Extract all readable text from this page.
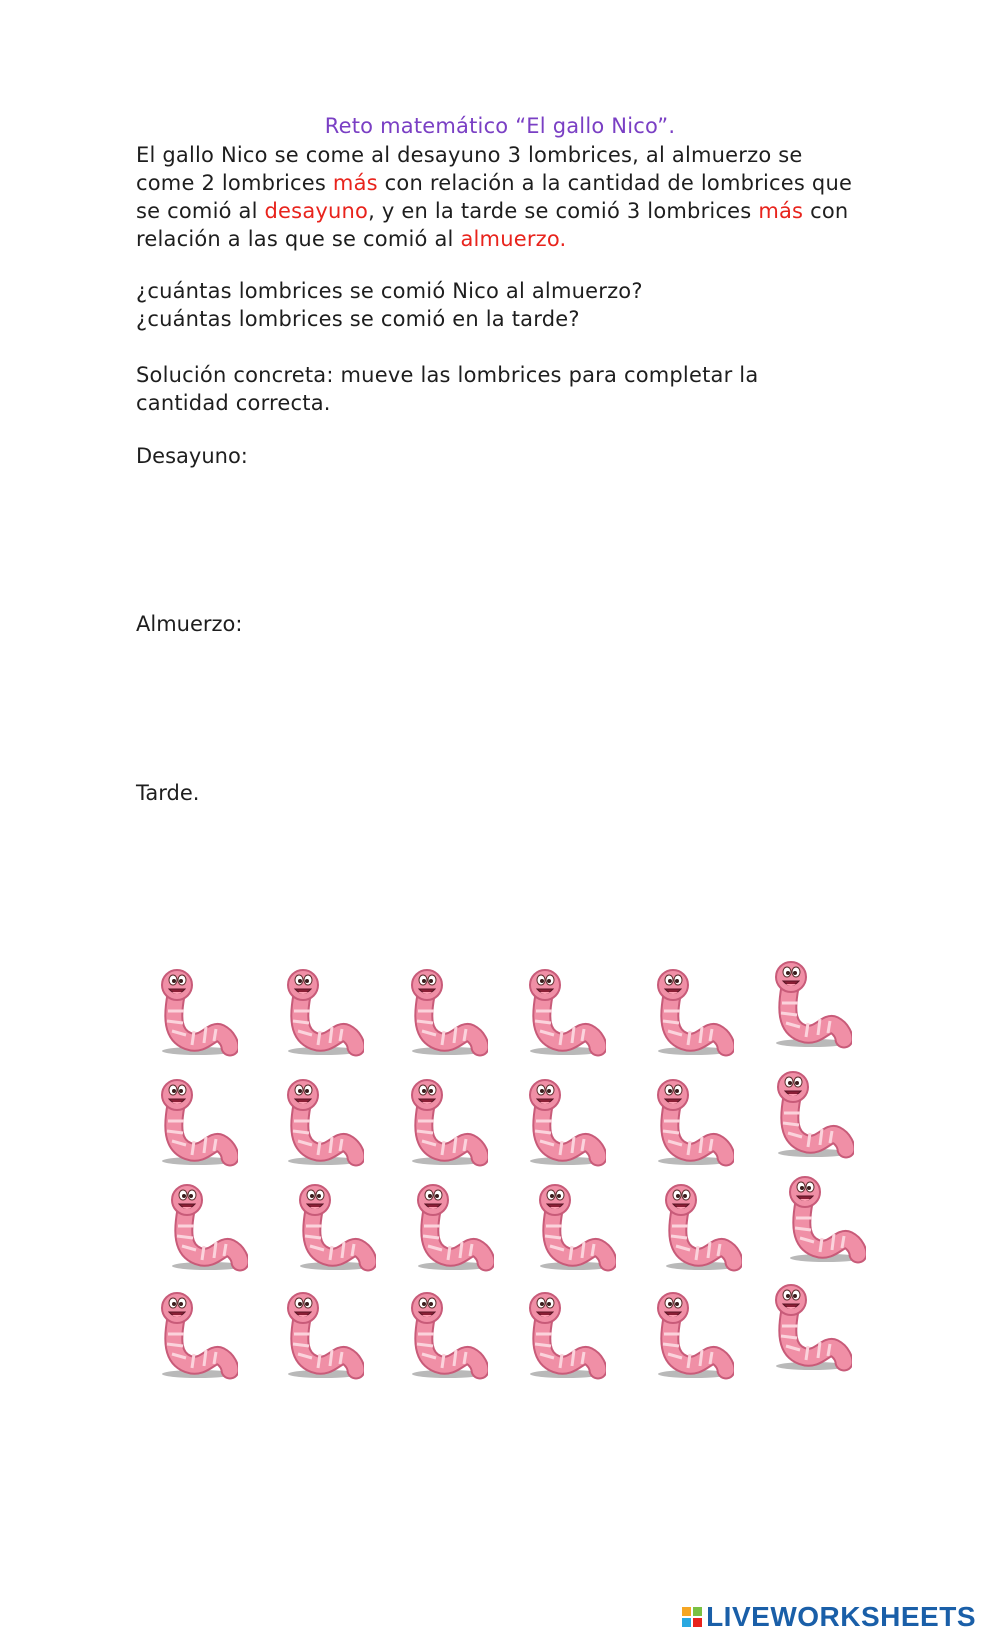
Reto matemático “El gallo Nico”.
El gallo Nico se come al desayuno 3 lombrices, al almuerzo se come 2 lombrices más con relación a la cantidad de lombrices que se comió al desayuno, y en la tarde se comió 3 lombrices más con relación a las que se comió al almuerzo.
¿cuántas lombrices se comió Nico al almuerzo?
¿cuántas lombrices se comió en la tarde?
Solución concreta: mueve las lombrices para completar la cantidad correcta.
Desayuno:
Almuerzo:
Tarde.
LIVEWORKSHEETS
